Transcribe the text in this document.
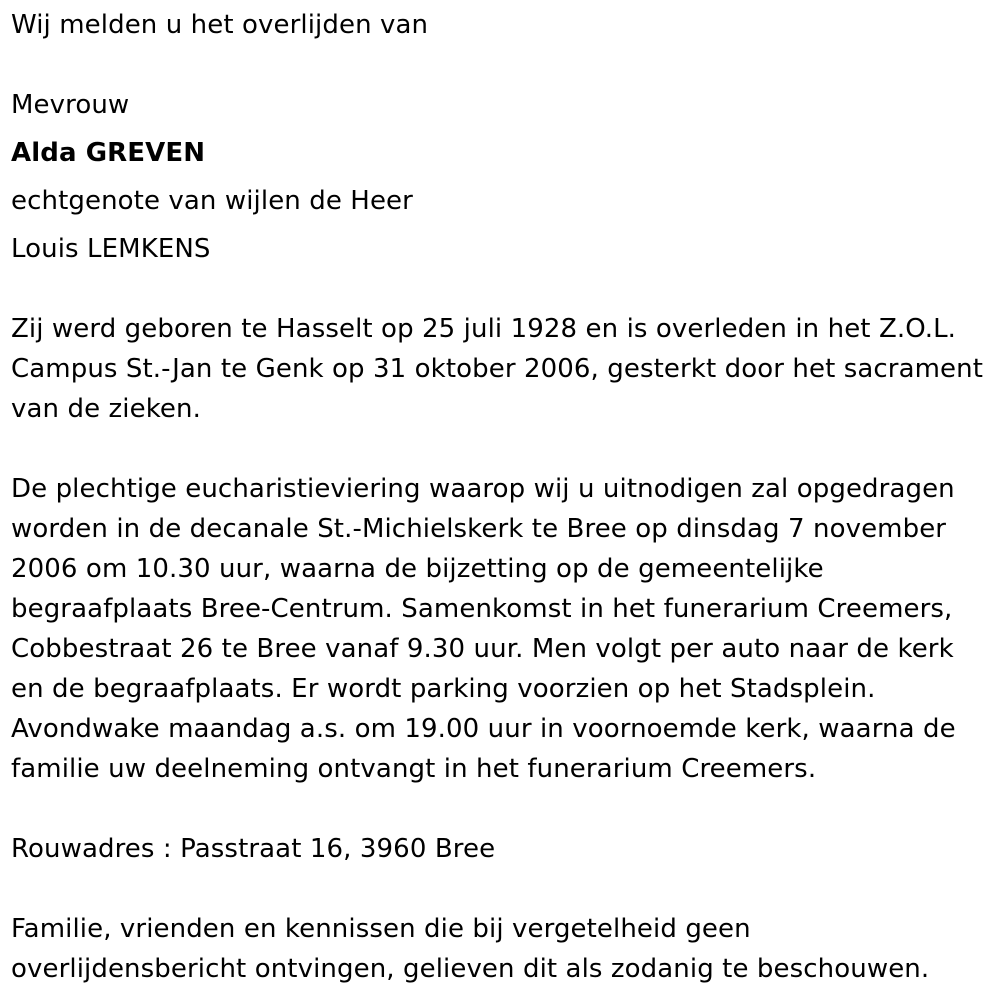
Wij melden u het overlijden van
Mevrouw
Alda GREVEN
echtgenote van wijlen de Heer
Louis LEMKENS
Zij werd geboren te Hasselt op 25 juli 1928 en is overleden in het Z.O.L. Campus St.-Jan te Genk op 31 oktober 2006, gesterkt door het sacrament van de zieken.
De plechtige eucharistieviering waarop wij u uitnodigen zal opgedragen worden in de decanale St.-Michielskerk te Bree op dinsdag 7 november 2006 om 10.30 uur, waarna de bijzetting op de gemeentelijke begraafplaats Bree-Centrum. Samenkomst in het funerarium Creemers, Cobbestraat 26 te Bree vanaf 9.30 uur. Men volgt per auto naar de kerk en de begraafplaats. Er wordt parking voorzien op het Stadsplein. Avondwake maandag a.s. om 19.00 uur in voornoemde kerk, waarna de familie uw deelneming ontvangt in het funerarium Creemers.
Rouwadres : Passtraat 16, 3960 Bree
Familie, vrienden en kennissen die bij vergetelheid geen overlijdensbericht ontvingen, gelieven dit als zodanig te beschouwen.
